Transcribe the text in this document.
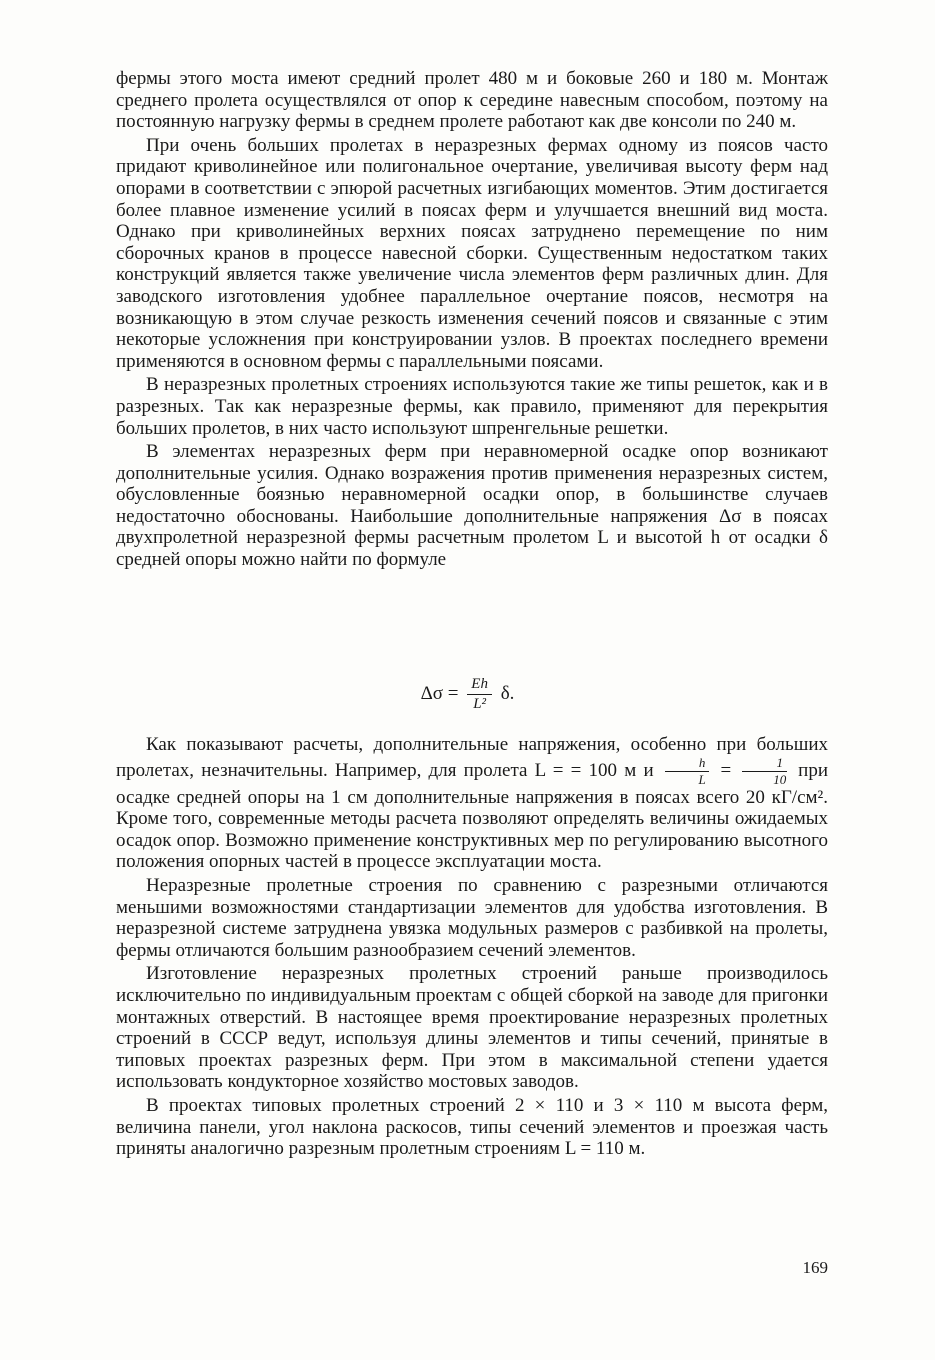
фермы этого моста имеют средний пролет 480 м и боковые 260 и 180 м. Монтаж среднего пролета осуществлялся от опор к середине навесным способом, поэтому на постоянную нагрузку фермы в среднем пролете работают как две консоли по 240 м.

При очень больших пролетах в неразрезных фермах одному из поясов часто придают криволинейное или полигональное очертание, увеличивая высоту ферм над опорами в соответствии с эпюрой расчетных изгибающих моментов. Этим достигается более плавное изменение усилий в поясах ферм и улучшается внешний вид моста. Однако при криволинейных верхних поясах затруднено перемещение по ним сборочных кранов в процессе навесной сборки. Существенным недостатком таких конструкций является также увеличение числа элементов ферм различных длин. Для заводского изготовления удобнее параллельное очертание поясов, несмотря на возникающую в этом случае резкость изменения сечений поясов и связанные с этим некоторые усложнения при конструировании узлов. В проектах последнего времени применяются в основном фермы с параллельными поясами.

В неразрезных пролетных строениях используются такие же типы решеток, как и в разрезных. Так как неразрезные фермы, как правило, применяют для перекрытия больших пролетов, в них часто используют шпренгельные решетки.

В элементах неразрезных ферм при неравномерной осадке опор возникают дополнительные усилия. Однако возражения против применения неразрезных систем, обусловленные боязнью неравномерной осадки опор, в большинстве случаев недостаточно обоснованы. Наибольшие дополнительные напряжения Δσ в поясах двухпролетной неразрезной фермы расчетным пролетом L и высотой h от осадки δ средней опоры можно найти по формуле

$\Delta\sigma = \frac{Eh}{\text{L²}} \delta$.

Как показывают расчеты, дополнительные напряжения, особенно при больших пролетах, незначительны. Например, для пролета L = = 100 м и $\frac{h}{L} = \frac{1}{10}$ при осадке средней опоры на 1 см дополнительные напряжения в поясах всего 20 кГ/см². Кроме того, современные методы расчета позволяют определять величины ожидаемых осадок опор. Возможно применение конструктивных мер по регулированию высотного положения опорных частей в процессе эксплуатации моста.

Неразрезные пролетные строения по сравнению с разрезными отличаются меньшими возможностями стандартизации элементов для удобства изготовления. В неразрезной системе затруднена увязка модульных размеров с разбивкой на пролеты, фермы отличаются большим разнообразием сечений элементов.

Изготовление неразрезных пролетных строений раньше производилось исключительно по индивидуальным проектам с общей сборкой на заводе для пригонки монтажных отверстий. В настоящее время проектирование неразрезных пролетных строений в СССР ведут, используя длины элементов и типы сечений, принятые в типовых проектах разрезных ферм. При этом в максимальной степени удается использовать кондукторное хозяйство мостовых заводов.

В проектах типовых пролетных строений 2 × 110 и 3 × 110 м высота ферм, величина панели, угол наклона раскосов, типы сечений элементов и проезжая часть приняты аналогично разрезным пролетным строениям L = 110 м.

169
